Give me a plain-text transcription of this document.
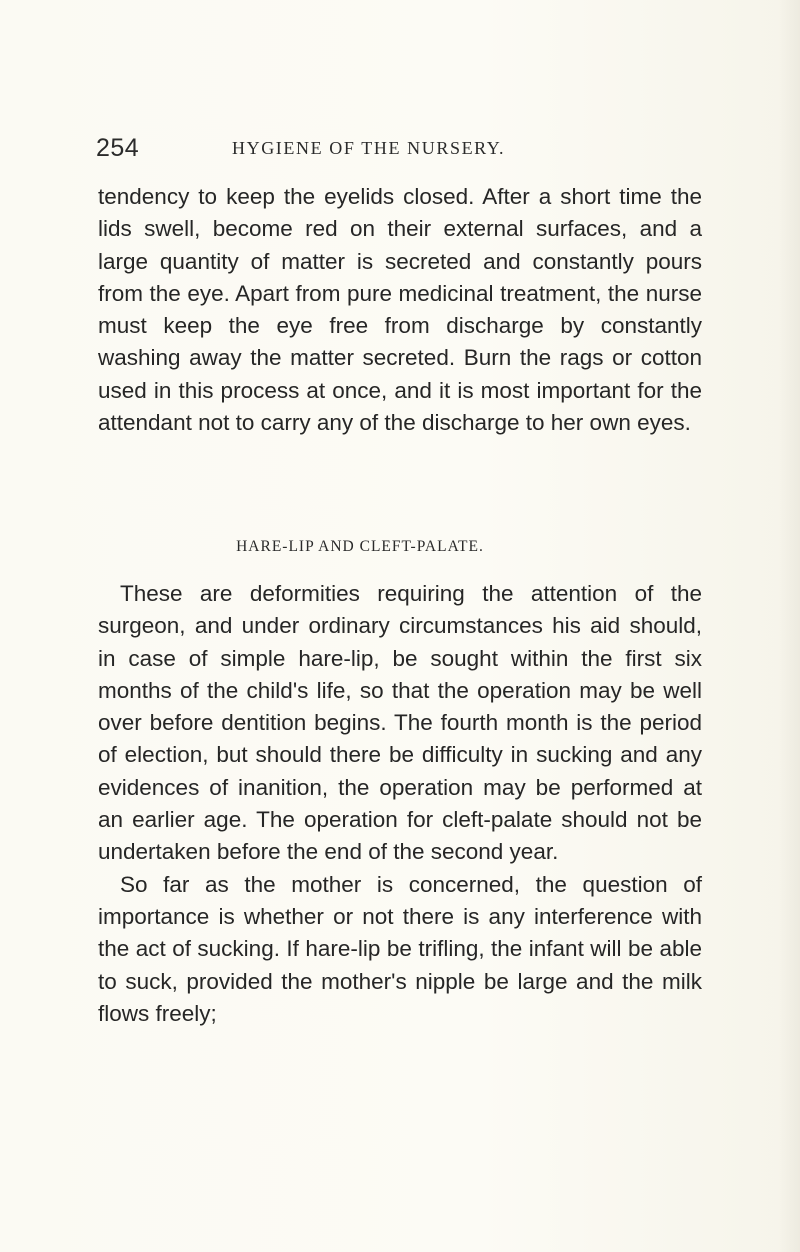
254	HYGIENE OF THE NURSERY.

tendency to keep the eyelids closed. After a short time the lids swell, become red on their external surfaces, and a large quantity of matter is secreted and constantly pours from the eye. Apart from pure medicinal treatment, the nurse must keep the eye free from discharge by constantly washing away the matter secreted. Burn the rags or cotton used in this process at once, and it is most important for the attendant not to carry any of the discharge to her own eyes.

HARE-LIP AND CLEFT-PALATE.

These are deformities requiring the attention of the surgeon, and under ordinary circumstances his aid should, in case of simple hare-lip, be sought within the first six months of the child's life, so that the operation may be well over before dentition begins. The fourth month is the period of election, but should there be difficulty in sucking and any evidences of inanition, the operation may be performed at an earlier age. The operation for cleft-palate should not be undertaken before the end of the second year.

So far as the mother is concerned, the question of importance is whether or not there is any interference with the act of sucking. If hare-lip be trifling, the infant will be able to suck, provided the mother's nipple be large and the milk flows freely;
